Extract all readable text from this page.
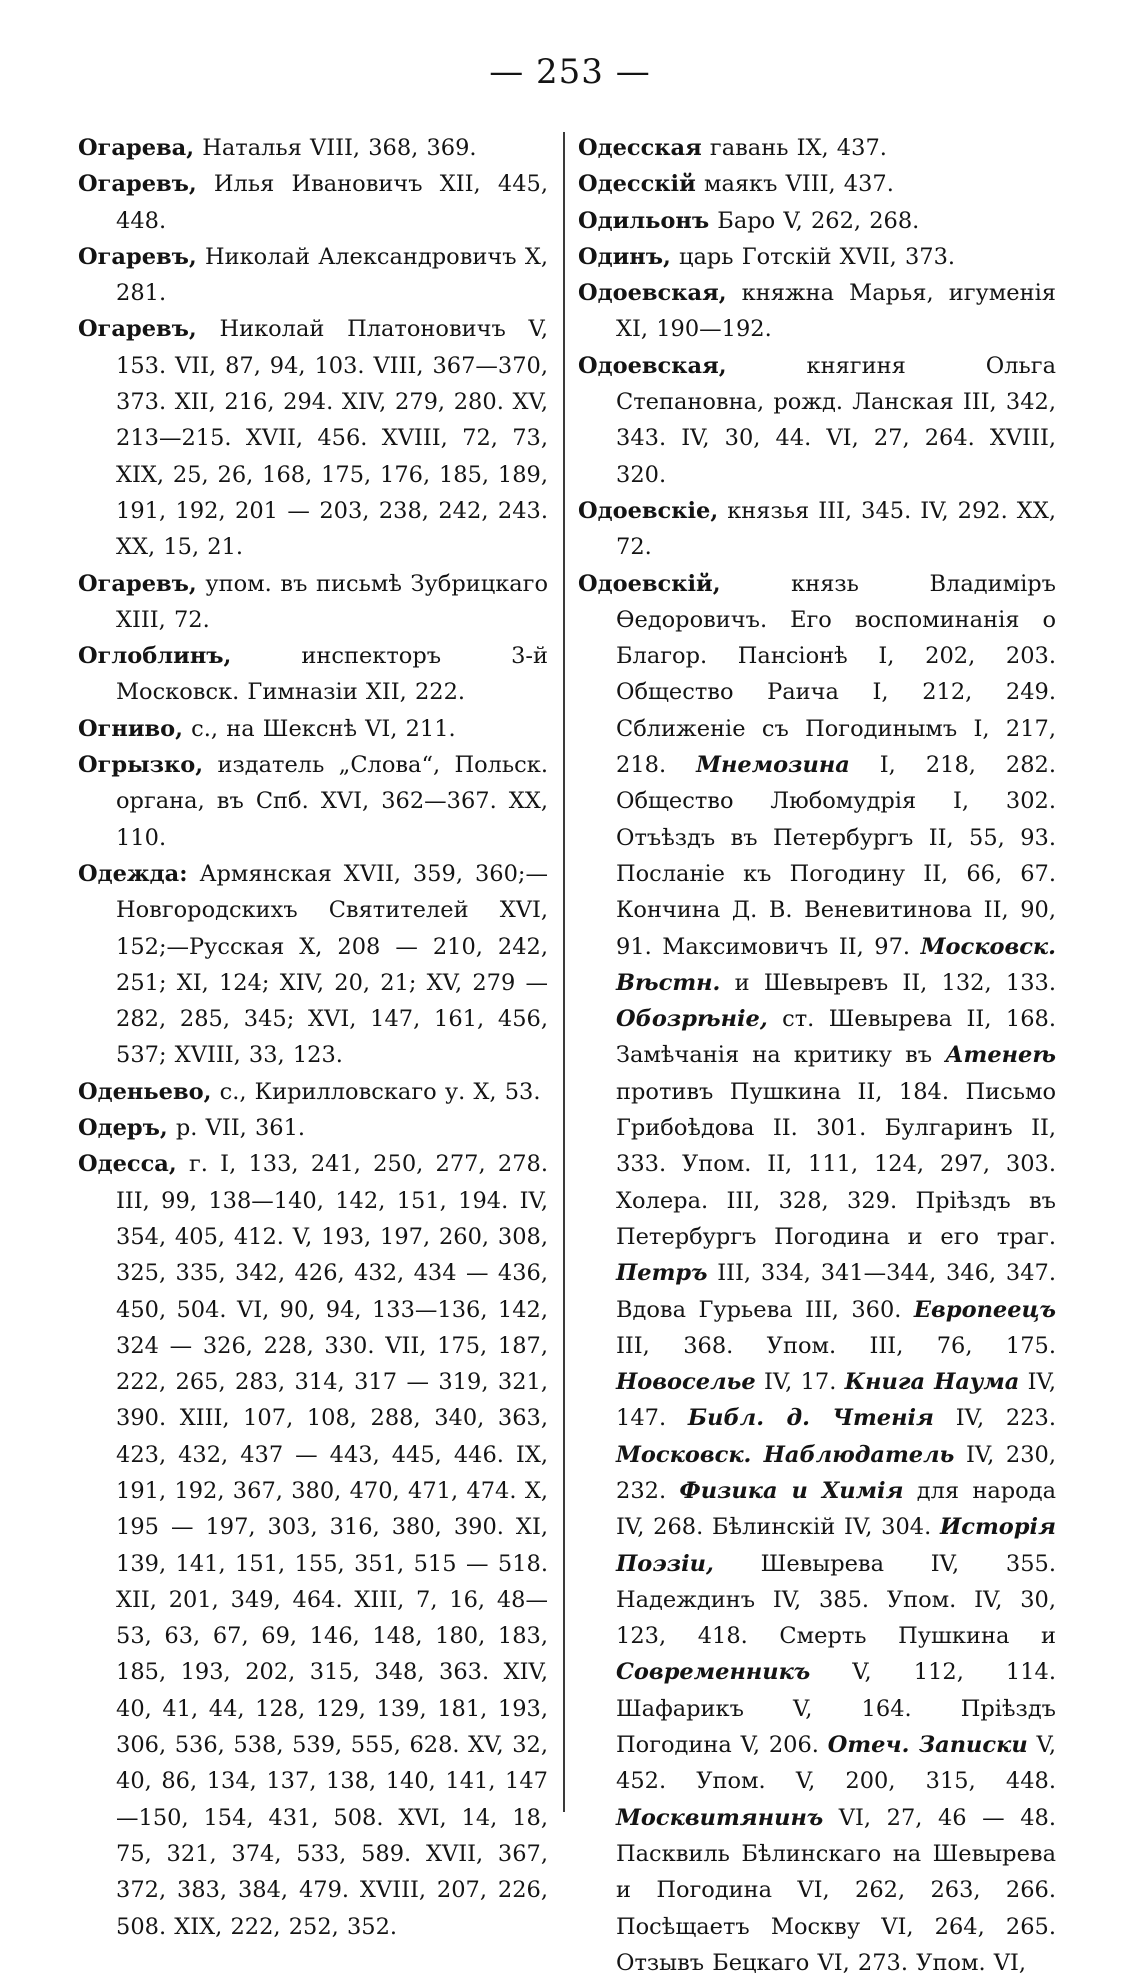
— 253 —

Огарева, Наталья VIII, 368, 369.

Огаревъ, Илья Ивановичъ XII, 445, 448.

Огаревъ, Николай Александровичъ X, 281.

Огаревъ, Николай Платоновичъ V, 153. VII, 87, 94, 103. VIII, 367—370, 373. XII, 216, 294. XIV, 279, 280. XV, 213—215. XVII, 456. XVIII, 72, 73, XIX, 25, 26, 168, 175, 176, 185, 189, 191, 192, 201 — 203, 238, 242, 243. XX, 15, 21.

Огаревъ, упом. въ письмѣ Зубрицкаго XIII, 72.

Оглоблинъ, инспекторъ 3-й Московск. Гимназіи XII, 222.

Огниво, с., на Шекснѣ VI, 211.

Огрызко, издатель „Слова“, Польск. органа, въ Спб. XVI, 362—367. XX, 110.

Одежда: Армянская XVII, 359, 360;— Новгородскихъ Святителей XVI, 152;—Русская X, 208 — 210, 242, 251; XI, 124; XIV, 20, 21; XV, 279 — 282, 285, 345; XVI, 147, 161, 456, 537; XVIII, 33, 123.

Оденьево, с., Кирилловскаго у. X, 53.

Одеръ, р. VII, 361.

Одесса, г. I, 133, 241, 250, 277, 278. III, 99, 138—140, 142, 151, 194. IV, 354, 405, 412. V, 193, 197, 260, 308, 325, 335, 342, 426, 432, 434 — 436, 450, 504. VI, 90, 94, 133—136, 142, 324 — 326, 228, 330. VII, 175, 187, 222, 265, 283, 314, 317 — 319, 321, 390. XIII, 107, 108, 288, 340, 363, 423, 432, 437 — 443, 445, 446. IX, 191, 192, 367, 380, 470, 471, 474. X, 195 — 197, 303, 316, 380, 390. XI, 139, 141, 151, 155, 351, 515 — 518. XII, 201, 349, 464. XIII, 7, 16, 48—53, 63, 67, 69, 146, 148, 180, 183, 185, 193, 202, 315, 348, 363. XIV, 40, 41, 44, 128, 129, 139, 181, 193, 306, 536, 538, 539, 555, 628. XV, 32, 40, 86, 134, 137, 138, 140, 141, 147—150, 154, 431, 508. XVI, 14, 18, 75, 321, 374, 533, 589. XVII, 367, 372, 383, 384, 479. XVIII, 207, 226, 508. XIX, 222, 252, 352.

Одесская гавань IX, 437.

Одесскій маякъ VIII, 437.

Одильонъ Баро V, 262, 268.

Одинъ, царь Готскій XVII, 373.

Одоевская, княжна Марья, игуменія XI, 190—192.

Одоевская, княгиня Ольга Степановна, рожд. Ланская III, 342, 343. IV, 30, 44. VI, 27, 264. XVIII, 320.

Одоевскіе, князья III, 345. IV, 292. XX, 72.

Одоевскій, князь Владиміръ Ѳедоровичъ. Его воспоминанія о Благор. Пансіонѣ I, 202, 203. Общество Раича I, 212, 249. Сближеніе съ Погодинымъ I, 217, 218. Мнемозина I, 218, 282. Общество Любомудрія I, 302. Отъѣздъ въ Петербургъ II, 55, 93. Посланіе къ Погодину II, 66, 67. Кончина Д. В. Веневитинова II, 90, 91. Максимовичъ II, 97. Московск. Вѣстн. и Шевыревъ II, 132, 133. Обозрѣніе, ст. Шевырева II, 168. Замѣчанія на критику въ Атенеѣ противъ Пушкина II, 184. Письмо Грибоѣдова II. 301. Булгаринъ II, 333. Упом. II, 111, 124, 297, 303. Холера. III, 328, 329. Пріѣздъ въ Петербургъ Погодина и его траг. Петръ III, 334, 341—344, 346, 347. Вдова Гурьева III, 360. Европеецъ III, 368. Упом. III, 76, 175. Новоселье IV, 17. Книга Наума IV, 147. Библ. д. Чтенія IV, 223. Московск. Наблюдатель IV, 230, 232. Физика и Химія для народа IV, 268. Бѣлинскій IV, 304. Исторія Поэзіи, Шевырева IV, 355. Надеждинъ IV, 385. Упом. IV, 30, 123, 418. Смерть Пушкина и Современникъ V, 112, 114. Шафарикъ V, 164. Пріѣздъ Погодина V, 206. Отеч. Записки V, 452. Упом. V, 200, 315, 448. Москвитянинъ VI, 27, 46 — 48. Пасквиль Бѣлинскаго на Шевырева и Погодина VI, 262, 263, 266. Посѣщаетъ Москву VI, 264, 265. Отзывъ Бецкаго VI, 273. Упом. VI,
